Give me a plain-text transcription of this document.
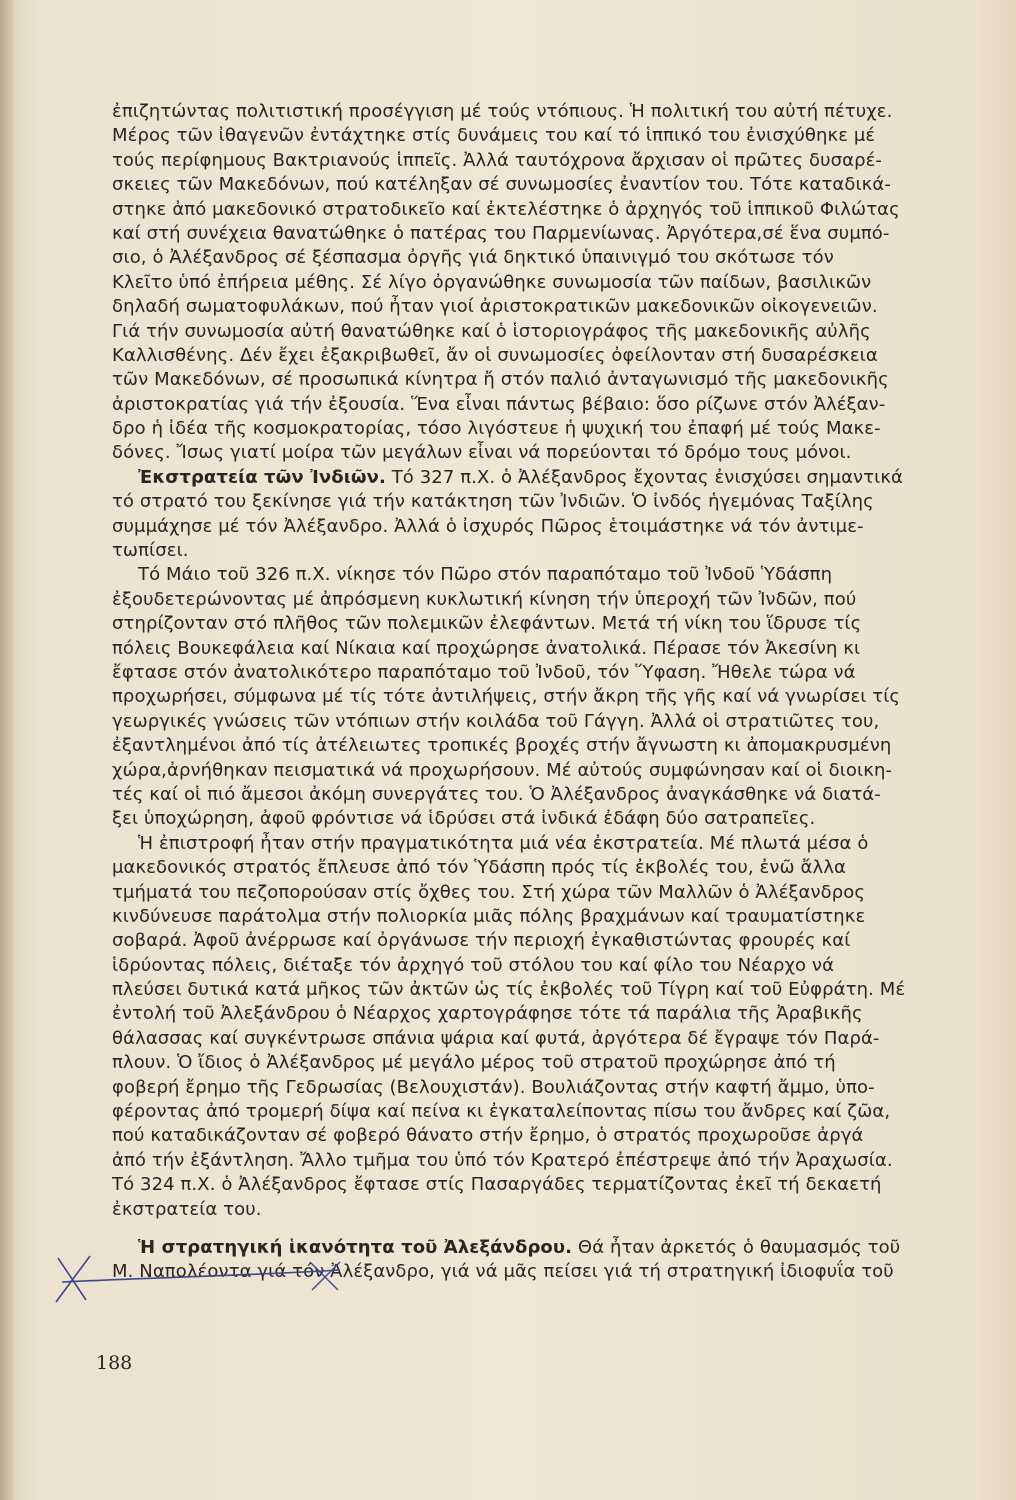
ἐπιζητώντας πολιτιστική προσέγγιση μέ τούς ντόπιους. Ἡ πολιτική του αὐτή πέτυχε.
Μέρος τῶν ἰθαγενῶν ἐντάχτηκε στίς δυνάμεις του καί τό ἱππικό του ἐνισχύθηκε μέ
τούς περίφημους Βακτριανούς ἱππεῖς. Ἀλλά ταυτόχρονα ἄρχισαν οἱ πρῶτες δυσαρέ-
σκειες τῶν Μακεδόνων, πού κατέληξαν σέ συνωμοσίες ἐναντίον του. Τότε καταδικά-
στηκε ἀπό μακεδονικό στρατοδικεῖο καί ἐκτελέστηκε ὁ ἀρχηγός τοῦ ἱππικοῦ Φιλώτας
καί στή συνέχεια θανατώθηκε ὁ πατέρας του Παρμενίωνας. Ἀργότερα,σέ ἕνα συμπό-
σιο, ὁ Ἀλέξανδρος σέ ξέσπασμα ὀργῆς γιά δηκτικό ὑπαινιγμό του σκότωσε τόν
Κλεῖτο ὑπό ἐπήρεια μέθης. Σέ λίγο ὀργανώθηκε συνωμοσία τῶν παίδων, βασιλικῶν
δηλαδή σωματοφυλάκων, πού ἦταν γιοί ἀριστοκρατικῶν μακεδονικῶν οἰκογενειῶν.
Γιά τήν συνωμοσία αὐτή θανατώθηκε καί ὁ ἱστοριογράφος τῆς μακεδονικῆς αὐλῆς
Καλλισθένης. Δέν ἔχει ἐξακριβωθεῖ, ἄν οἱ συνωμοσίες ὀφείλονταν στή δυσαρέσκεια
τῶν Μακεδόνων, σέ προσωπικά κίνητρα ἤ στόν παλιό ἀνταγωνισμό τῆς μακεδονικῆς
ἀριστοκρατίας γιά τήν ἐξουσία. Ἕνα εἶναι πάντως βέβαιο: ὅσο ρίζωνε στόν Ἀλέξαν-
δρο ἡ ἰδέα τῆς κοσμοκρατορίας, τόσο λιγόστευε ἡ ψυχική του ἐπαφή μέ τούς Μακε-
δόνες. Ἴσως γιατί μοίρα τῶν μεγάλων εἶναι νά πορεύονται τό δρόμο τους μόνοι.
Ἐκστρατεία τῶν Ἰνδιῶν. Τό 327 π.Χ. ὁ Ἀλέξανδρος ἔχοντας ἐνισχύσει σημαντικά
τό στρατό του ξεκίνησε γιά τήν κατάκτηση τῶν Ἰνδιῶν. Ὁ ἰνδός ἡγεμόνας Ταξίλης
συμμάχησε μέ τόν Ἀλέξανδρο. Ἀλλά ὁ ἰσχυρός Πῶρος ἑτοιμάστηκε νά τόν ἀντιμε-
τωπίσει.
Τό Μάιο τοῦ 326 π.Χ. νίκησε τόν Πῶρο στόν παραπόταμο τοῦ Ἰνδοῦ Ὑδάσπη
ἐξουδετερώνοντας μέ ἀπρόσμενη κυκλωτική κίνηση τήν ὑπεροχή τῶν Ἰνδῶν, πού
στηρίζονταν στό πλῆθος τῶν πολεμικῶν ἐλεφάντων. Μετά τή νίκη του ἵδρυσε τίς
πόλεις Βουκεφάλεια καί Νίκαια καί προχώρησε ἀνατολικά. Πέρασε τόν Ἀκεσίνη κι
ἔφτασε στόν ἀνατολικότερο παραπόταμο τοῦ Ἰνδοῦ, τόν Ὕφαση. Ἤθελε τώρα νά
προχωρήσει, σύμφωνα μέ τίς τότε ἀντιλήψεις, στήν ἄκρη τῆς γῆς καί νά γνωρίσει τίς
γεωργικές γνώσεις τῶν ντόπιων στήν κοιλάδα τοῦ Γάγγη. Ἀλλά οἱ στρατιῶτες του,
ἐξαντλημένοι ἀπό τίς ἀτέλειωτες τροπικές βροχές στήν ἄγνωστη κι ἀπομακρυσμένη
χώρα,ἀρνήθηκαν πεισματικά νά προχωρήσουν. Μέ αὐτούς συμφώνησαν καί οἱ διοικη-
τές καί οἱ πιό ἄμεσοι ἀκόμη συνεργάτες του. Ὁ Ἀλέξανδρος ἀναγκάσθηκε νά διατά-
ξει ὑποχώρηση, ἀφοῦ φρόντισε νά ἱδρύσει στά ἰνδικά ἐδάφη δύο σατραπεῖες.
Ἡ ἐπιστροφή ἦταν στήν πραγματικότητα μιά νέα ἐκστρατεία. Μέ πλωτά μέσα ὁ
μακεδονικός στρατός ἔπλευσε ἀπό τόν Ὑδάσπη πρός τίς ἐκβολές του, ἐνῶ ἄλλα
τμήματά του πεζοπορούσαν στίς ὄχθες του. Στή χώρα τῶν Μαλλῶν ὁ Ἀλέξανδρος
κινδύνευσε παράτολμα στήν πολιορκία μιᾶς πόλης βραχμάνων καί τραυματίστηκε
σοβαρά. Ἀφοῦ ἀνέρρωσε καί ὀργάνωσε τήν περιοχή ἐγκαθιστώντας φρουρές καί
ἱδρύοντας πόλεις, διέταξε τόν ἀρχηγό τοῦ στόλου του καί φίλο του Νέαρχο νά
πλεύσει δυτικά κατά μῆκος τῶν ἀκτῶν ὡς τίς ἐκβολές τοῦ Τίγρη καί τοῦ Εὐφράτη. Μέ
ἐντολή τοῦ Ἀλεξάνδρου ὁ Νέαρχος χαρτογράφησε τότε τά παράλια τῆς Ἀραβικῆς
θάλασσας καί συγκέντρωσε σπάνια ψάρια καί φυτά, ἀργότερα δέ ἔγραψε τόν Παρά-
πλουν. Ὁ ἴδιος ὁ Ἀλέξανδρος μέ μεγάλο μέρος τοῦ στρατοῦ προχώρησε ἀπό τή
φοβερή ἔρημο τῆς Γεδρωσίας (Βελουχιστάν). Βουλιάζοντας στήν καφτή ἄμμο, ὑπο-
φέροντας ἀπό τρομερή δίψα καί πείνα κι ἐγκαταλείποντας πίσω του ἄνδρες καί ζῶα,
πού καταδικάζονταν σέ φοβερό θάνατο στήν ἔρημο, ὁ στρατός προχωροῦσε ἀργά
ἀπό τήν ἐξάντληση. Ἄλλο τμῆμα του ὑπό τόν Κρατερό ἐπέστρεψε ἀπό τήν Ἀραχωσία.
Τό 324 π.Χ. ὁ Ἀλέξανδρος ἔφτασε στίς Πασαργάδες τερματίζοντας ἐκεῖ τή δεκαετή
ἐκστρατεία του.
Ἡ στρατηγική ἱκανότητα τοῦ Ἀλεξάνδρου. Θά ἦταν ἀρκετός ὁ θαυμασμός τοῦ
Μ. Ναπολέοντα γιά τόν Ἀλέξανδρο, γιά νά μᾶς πείσει γιά τή στρατηγική ἰδιοφυΐα τοῦ
188
